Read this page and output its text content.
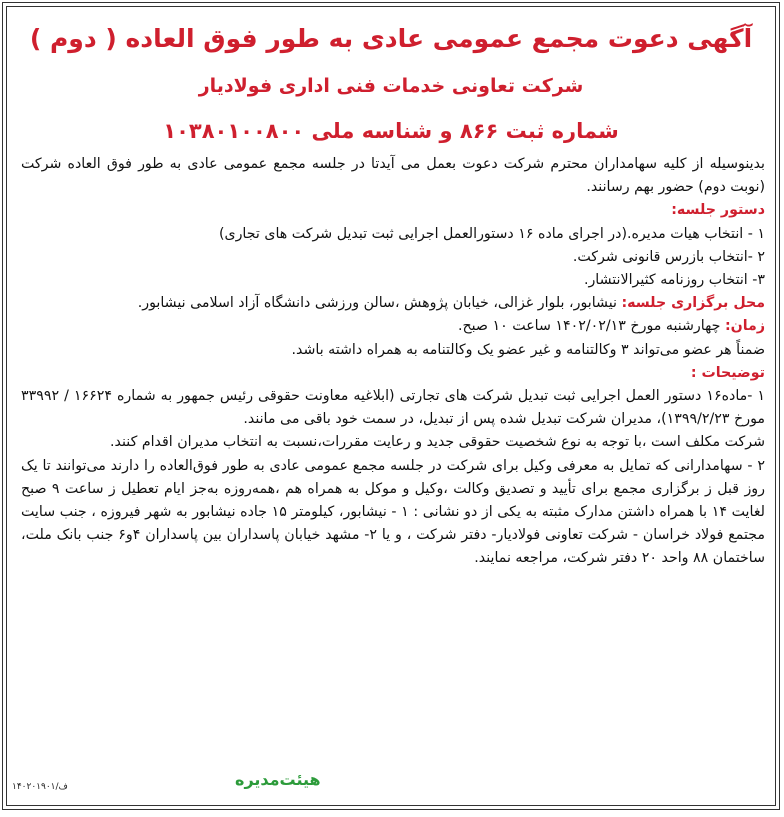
آگهی دعوت مجمع عمومی عادی به طور فوق العاده ( دوم )
شرکت تعاونی خدمات فنی اداری فولادیار
شماره ثبت ۸۶۶ و شناسه ملی ۱۰۳۸۰۱۰۰۸۰۰

بدینوسیله از کلیه سهامداران محترم شرکت دعوت بعمل می آیدتا در جلسه مجمع عمومی عادی به طور فوق العاده شرکت (نوبت دوم) حضور بهم رسانند.

دستور جلسه:

۱ - انتخاب هیات مدیره.(در اجرای ماده ۱۶ دستورالعمل اجرایی ثبت تبدیل شرکت های تجاری)

۲ -انتخاب بازرس قانونی شرکت.

۳- انتخاب روزنامه کثیرالانتشار.

محل برگزاری جلسه: نیشابور، بلوار غزالی، خیابان پژوهش ،سالن ورزشی دانشگاه آزاد اسلامی نیشابور.

زمان: چهارشنبه مورخ ۱۴۰۲/۰۲/۱۳ ساعت ۱۰ صبح.

ضمناً هر عضو می‌تواند ۳ وکالتنامه و غیر عضو یک وکالتنامه به همراه داشته باشد.

توضیحات :

۱ -ماده۱۶ دستور العمل اجرایی ثبت تبدیل شرکت های تجارتی (ابلاغیه معاونت حقوقی رئیس جمهور به شماره ۱۶۶۲۴ / ۳۳۹۹۲ مورخ ۱۳۹۹/۲/۲۳)، مدیران شرکت تبدیل شده پس از تبدیل، در سمت خود باقی می مانند.

شرکت مکلف است ،با توجه به نوع شخصیت حقوقی جدید و رعایت مقررات،نسبت به انتخاب مدیران اقدام کنند.

۲ - سهامدارانی که تمایل به معرفی وکیل برای شرکت در جلسه مجمع عمومی عادی به طور فوق‌العاده را دارند می‌توانند تا یک روز قبل ز برگزاری مجمع برای تأیید و تصدیق وکالت ،وکیل و موکل به همراه هم ،همه‌روزه به‌جز ایام تعطیل ز ساعت ۹ صبح لغایت ۱۴ با همراه داشتن مدارک مثبته به یکی از دو نشانی : ۱ - نیشابور، کیلومتر ۱۵ جاده نیشابور به شهر فیروزه ، جنب سایت مجتمع فولاد خراسان - شرکت تعاونی فولادیار- دفتر شرکت ، و یا ۲- مشهد خیابان پاسداران بین پاسداران ۴و۶ جنب بانک ملت، ساختمان ۸۸ واحد ۲۰ دفتر شرکت، مراجعه نمایند.

هیئت‌مدیره
۱۴۰۲۰۱۹۰۱/ف
